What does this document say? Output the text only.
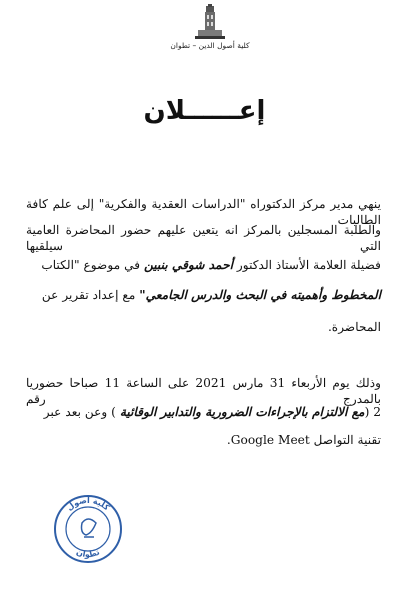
كلية أصول الدين – تطوان
إعــــــلان
ينهي مدير مركز الدكتوراه "الدراسات العقدية والفكرية" إلى علم كافة الطالبات
والطلبة المسجلين بالمركز انه يتعين عليهم حضور المحاضرة العامية التي سيلقيها
فضيلة العلامة الأستاذ الدكتور أحمد شوقي بنبين في موضوع "الكتاب
المخطوط وأهميته في البحث والدرس الجامعي" مع إعداد تقرير عن
المحاضرة.
وذلك يوم الأربعاء 31 مارس 2021 على الساعة 11 صباحا حضوريا بالمدرج رقم
2 (مع الالتزام بالإجراءات الضرورية والتدابير الوقائية ) وعن بعد عبر
تقنية التواصل Google Meet.
كلية أصول
تطوان
